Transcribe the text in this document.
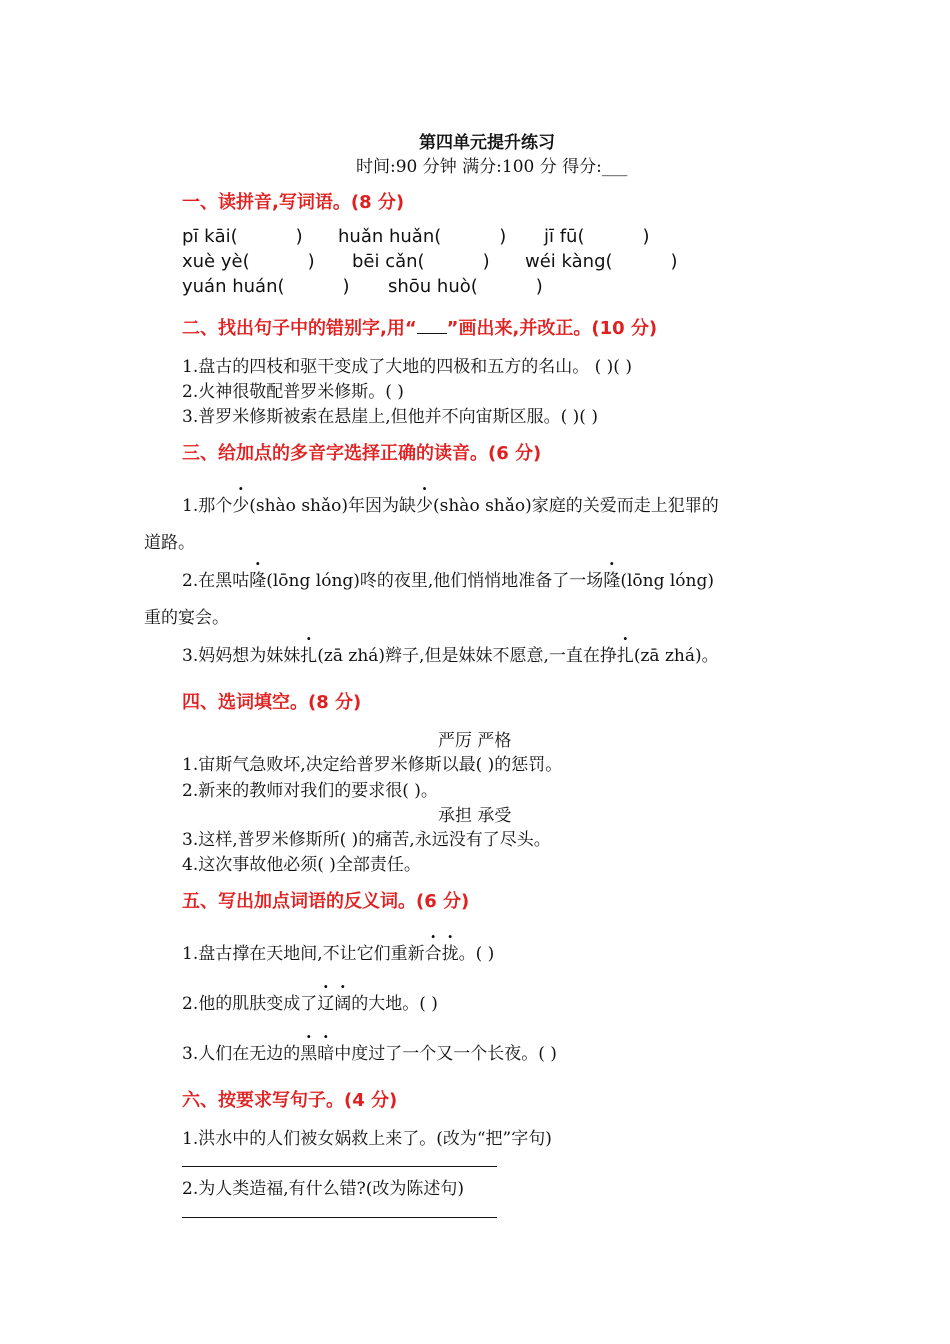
第四单元提升练习
时间:90 分钟 满分:100 分 得分:___
一、读拼音,写词语。(8 分)
pī kāi(	) huǎn huǎn(	) jī fū(	)
xuè yè(	) bēi cǎn(	) wéi kàng(	)
yuán huán(	) shōu huò(	)
二、找出句子中的错别字,用“ ”画出来,并改正。(10 分)
1.盘古的四枝和驱干变成了大地的四极和五方的名山。 ( )( )
2.火神很敬配普罗米修斯。( )
3.普罗米修斯被索在悬崖上,但他并不向宙斯区服。( )( )
三、给加点的多音字选择正确的读音。(6 分)
1.那个少(shào shǎo)年因为缺少(shào shǎo)家庭的关爱而走上犯罪的
道路。
2.在黑咕隆(lōng lóng)咚的夜里,他们悄悄地准备了一场隆(lōng lóng)
重的宴会。
3.妈妈想为妹妹扎(zā zhá)辫子,但是妹妹不愿意,一直在挣扎(zā zhá)。
四、选词填空。(8 分)
严厉 严格
1.宙斯气急败坏,决定给普罗米修斯以最( )的惩罚。
2.新来的教师对我们的要求很( )。
承担 承受
3.这样,普罗米修斯所( )的痛苦,永远没有了尽头。
4.这次事故他必须( )全部责任。
五、写出加点词语的反义词。(6 分)
1.盘古撑在天地间,不让它们重新合拢。( )
2.他的肌肤变成了辽阔的大地。( )
3.人们在无边的黑暗中度过了一个又一个长夜。( )
六、按要求写句子。(4 分)
1.洪水中的人们被女娲救上来了。(改为“把”字句)
2.为人类造福,有什么错?(改为陈述句)
